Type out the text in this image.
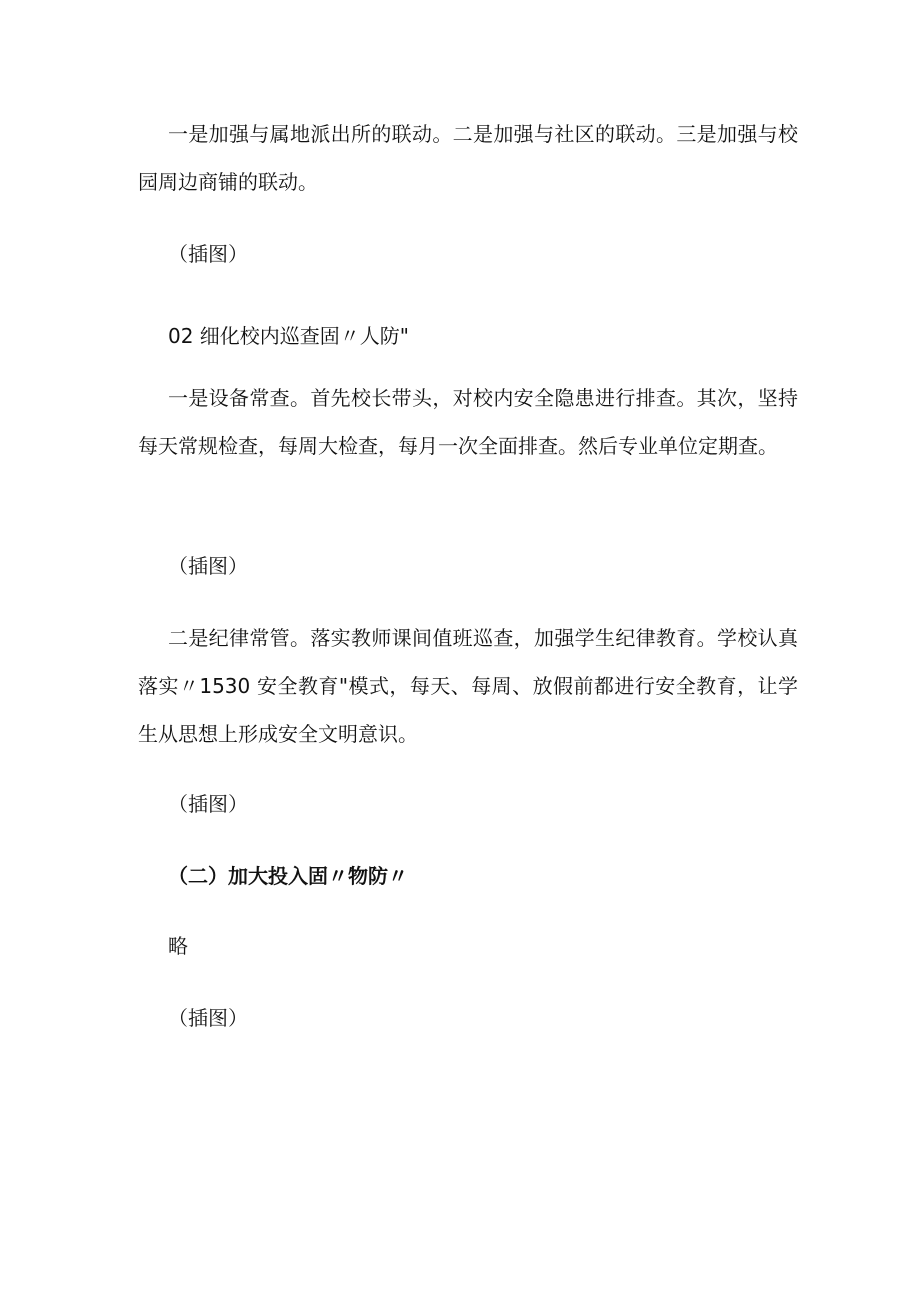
一是加强与属地派出所的联动。二是加强与社区的联动。三是加强与校园周边商铺的联动。

（插图）

02 细化校内巡查固〃人防"

一是设备常查。首先校长带头，对校内安全隐患进行排查。其次，坚持每天常规检查，每周大检查，每月一次全面排查。然后专业单位定期查。

（插图）

二是纪律常管。落实教师课间值班巡查，加强学生纪律教育。学校认真落实〃1530 安全教育"模式，每天、每周、放假前都进行安全教育，让学生从思想上形成安全文明意识。

（插图）

（二）加大投入固〃物防〃

略

（插图）
